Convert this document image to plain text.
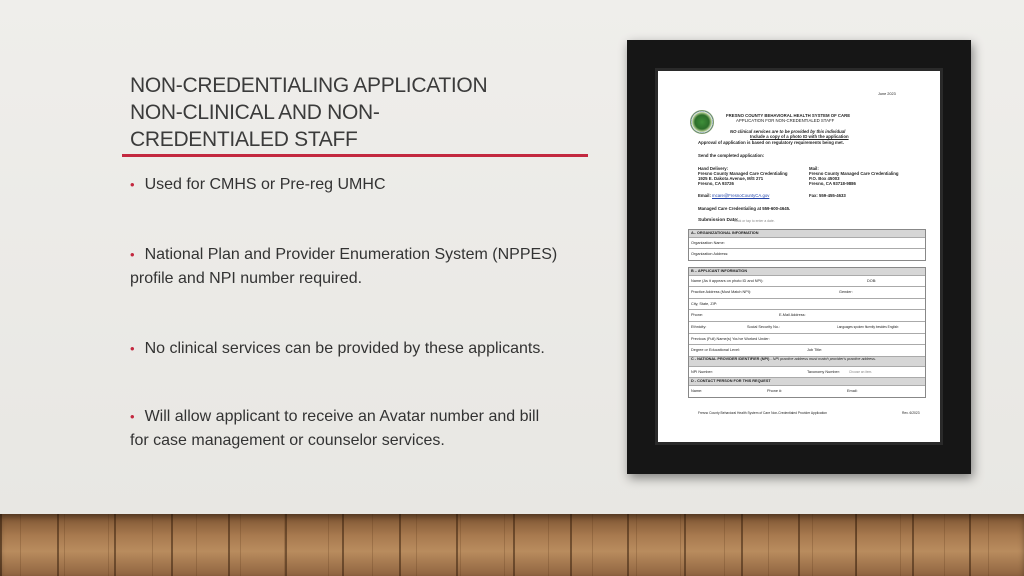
NON-CREDENTIALING APPLICATION
NON-CLINICAL AND NON-
CREDENTIALED STAFF
• Used for CMHS or Pre-reg UMHC
• National Plan and Provider Enumeration System (NPPES)
profile and NPI number required.
• No clinical services can be provided by these applicants.
• Will allow applicant to receive an Avatar number and bill
for case management or counselor services.
June 2023
FRESNO COUNTY BEHAVIORAL HEALTH SYSTEM OF CARE
APPLICATION FOR NON-CREDENTIALED STAFF
NO clinical services are to be provided by this individual
Include a copy of a photo ID with the application
Approval of application is based on regulatory requirements being met.
Send the completed application:
Hand Delivery:
Fresno County Managed Care Credentialing
1925 E. Dakota Avenue, M/S 271
Fresno, CA 93726
Mail:
Fresno County Managed Care Credentialing
P.O. Box 45003
Fresno, CA 93718-9886
Email: mcare@FresnoCountyCA.gov	Fax: 559-455-4633
Managed Care Credentialing at 559-600-4645.
Submission Date:
Click or tap to enter a date.
A– ORGANIZATIONAL INFORMATION
Organization Name:
Organization Address:
B – APPLICANT INFORMATION
Name (As it appears on photo ID and NPI):	DOB:
Practice Address (Must Match NPI):	Gender:
City, State, ZIP:
Phone:	E-Mail Address:
Ethnicity:	Social Security No.:	Languages spoken fluently besides English:
Previous (Full) Name(s) You've Worked Under:
Degree or Educational Level:	Job Title:
C - NATIONAL PROVIDER IDENTIFIER (NPI) - NPI practice address must match provider's practice address.
NPI Number:	Taxonomy Number:	Choose an item.
D - CONTACT PERSON FOR THIS REQUEST
Name:	Phone #:	Email:
Fresno County Behavioral Health System of Care Non-Credentialed Provider Application	Rev. 6/2023
